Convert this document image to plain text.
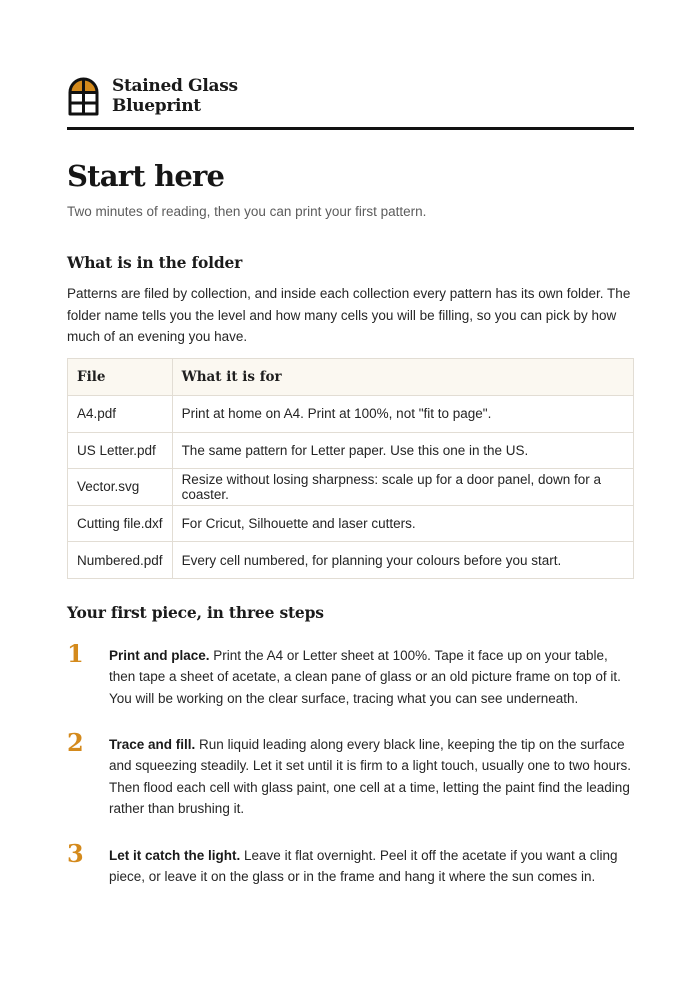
Stained Glass
Blueprint
Start here

Two minutes of reading, then you can print your first pattern.

What is in the folder

Patterns are filed by collection, and inside each collection every pattern has its own folder. The folder name tells you the level and how many cells you will be filling, so you can pick by how much of an evening you have.

File	What it is for
A4.pdf	Print at home on A4. Print at 100%, not "fit to page".
US Letter.pdf	The same pattern for Letter paper. Use this one in the US.
Vector.svg	Resize without losing sharpness: scale up for a door panel, down for a coaster.
Cutting file.dxf	For Cricut, Silhouette and laser cutters.
Numbered.pdf	Every cell numbered, for planning your colours before you start.
Your first piece, in three steps
1 Print and place. Print the A4 or Letter sheet at 100%. Tape it face up on your table, then tape a sheet of acetate, a clean pane of glass or an old picture frame on top of it. You will be working on the clear surface, tracing what you can see underneath.

2 Trace and fill. Run liquid leading along every black line, keeping the tip on the surface and squeezing steadily. Let it set until it is firm to a light touch, usually one to two hours. Then flood each cell with glass paint, one cell at a time, letting the paint find the leading rather than brushing it.

3 Let it catch the light. Leave it flat overnight. Peel it off the acetate if you want a cling piece, or leave it on the glass or in the frame and hang it where the sun comes in.
